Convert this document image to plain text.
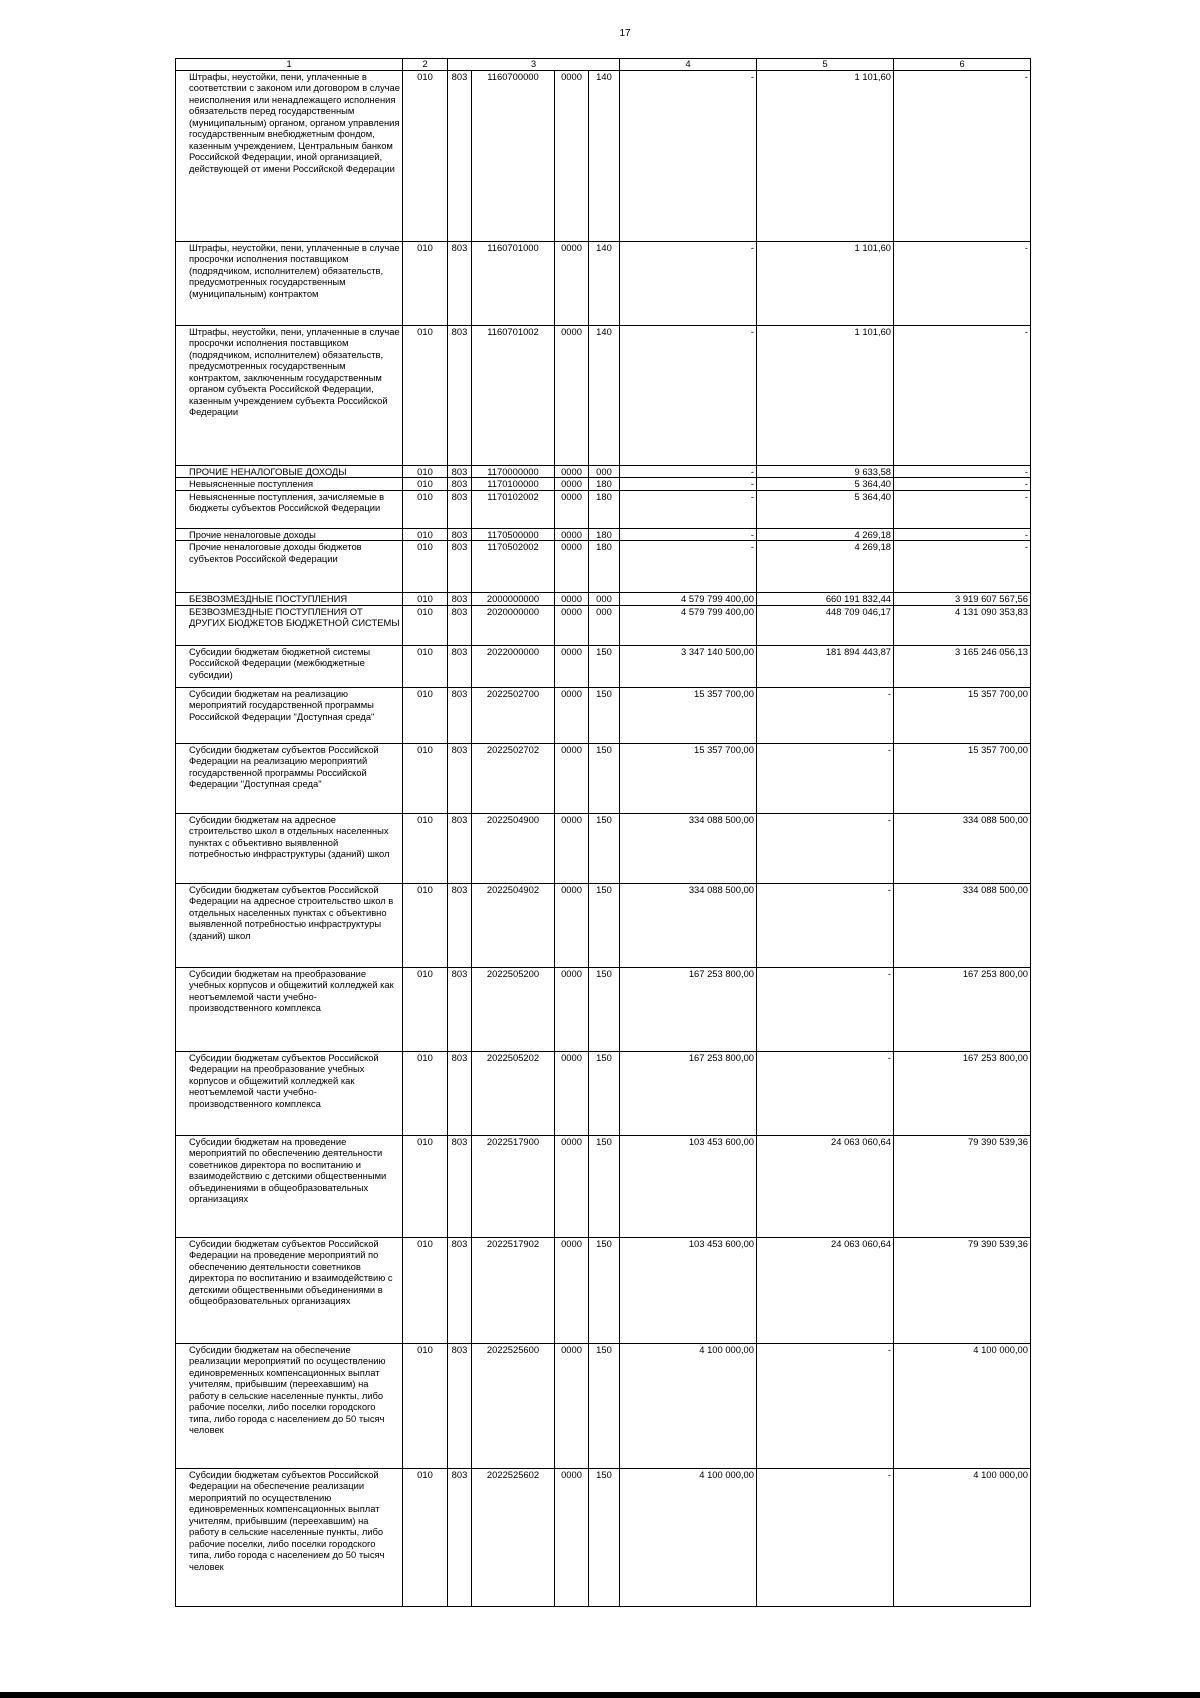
17
1	2	3				4	5	6
Штрафы, неустойки, пени, уплаченные в соответствии с законом или договором в случае неисполнения или ненадлежащего исполнения обязательств перед государственным (муниципальным) органом, органом управления государственным внебюджетным фондом, казенным учреждением, Центральным банком Российской Федерации, иной организацией, действующей от имени Российской Федерации	010	803	1160700000	0000	140	-	1 101,60	-
Штрафы, неустойки, пени, уплаченные в случае просрочки исполнения поставщиком (подрядчиком, исполнителем) обязательств, предусмотренных государственным (муниципальным) контрактом	010	803	1160701000	0000	140	-	1 101,60	-
Штрафы, неустойки, пени, уплаченные в случае просрочки исполнения поставщиком (подрядчиком, исполнителем) обязательств, предусмотренных государственным контрактом, заключенным государственным органом субъекта Российской Федерации, казенным учреждением субъекта Российской Федерации	010	803	1160701002	0000	140	-	1 101,60	-
ПРОЧИЕ НЕНАЛОГОВЫЕ ДОХОДЫ	010	803	1170000000	0000	000	-	9 633,58	-
Невыясненные поступления	010	803	1170100000	0000	180	-	5 364,40	-
Невыясненные поступления, зачисляемые в бюджеты субъектов Российской Федерации	010	803	1170102002	0000	180	-	5 364,40	-
Прочие неналоговые доходы	010	803	1170500000	0000	180	-	4 269,18	-
Прочие неналоговые доходы бюджетов субъектов Российской Федерации	010	803	1170502002	0000	180	-	4 269,18	-
БЕЗВОЗМЕЗДНЫЕ ПОСТУПЛЕНИЯ	010	803	2000000000	0000	000	4 579 799 400,00	660 191 832,44	3 919 607 567,56
БЕЗВОЗМЕЗДНЫЕ ПОСТУПЛЕНИЯ ОТ ДРУГИХ БЮДЖЕТОВ БЮДЖЕТНОЙ СИСТЕМЫ	010	803	2020000000	0000	000	4 579 799 400,00	448 709 046,17	4 131 090 353,83
Субсидии бюджетам бюджетной системы Российской Федерации (межбюджетные субсидии)	010	803	2022000000	0000	150	3 347 140 500,00	181 894 443,87	3 165 246 056,13
Субсидии бюджетам на реализацию мероприятий государственной программы Российской Федерации "Доступная среда"	010	803	2022502700	0000	150	15 357 700,00	-	15 357 700,00
Субсидии бюджетам субъектов Российской Федерации на реализацию мероприятий государственной программы Российской Федерации "Доступная среда"	010	803	2022502702	0000	150	15 357 700,00	-	15 357 700,00
Субсидии бюджетам на адресное строительство школ в отдельных населенных пунктах с объективно выявленной потребностью инфраструктуры (зданий) школ	010	803	2022504900	0000	150	334 088 500,00	-	334 088 500,00
Субсидии бюджетам субъектов Российской Федерации на адресное строительство школ в отдельных населенных пунктах с объективно выявленной потребностью инфраструктуры (зданий) школ	010	803	2022504902	0000	150	334 088 500,00	-	334 088 500,00
Субсидии бюджетам на преобразование учебных корпусов и общежитий колледжей как неотъемлемой части учебно-производственного комплекса	010	803	2022505200	0000	150	167 253 800,00	-	167 253 800,00
Субсидии бюджетам субъектов Российской Федерации на преобразование учебных корпусов и общежитий колледжей как неотъемлемой части учебно-производственного комплекса	010	803	2022505202	0000	150	167 253 800,00	-	167 253 800,00
Субсидии бюджетам на проведение мероприятий по обеспечению деятельности советников директора по воспитанию и взаимодействию с детскими общественными объединениями в общеобразовательных организациях	010	803	2022517900	0000	150	103 453 600,00	24 063 060,64	79 390 539,36
Субсидии бюджетам субъектов Российской Федерации на проведение мероприятий по обеспечению деятельности советников директора по воспитанию и взаимодействию с детскими общественными объединениями в общеобразовательных организациях	010	803	2022517902	0000	150	103 453 600,00	24 063 060,64	79 390 539,36
Субсидии бюджетам на обеспечение реализации мероприятий по осуществлению единовременных компенсационных выплат учителям, прибывшим (переехавшим) на работу в сельские населенные пункты, либо рабочие поселки, либо поселки городского типа, либо города с населением до 50 тысяч человек	010	803	2022525600	0000	150	4 100 000,00	-	4 100 000,00
Субсидии бюджетам субъектов Российской Федерации на обеспечение реализации мероприятий по осуществлению единовременных компенсационных выплат учителям, прибывшим (переехавшим) на работу в сельские населенные пункты, либо рабочие поселки, либо поселки городского типа, либо города с населением до 50 тысяч человек	010	803	2022525602	0000	150	4 100 000,00	-	4 100 000,00
